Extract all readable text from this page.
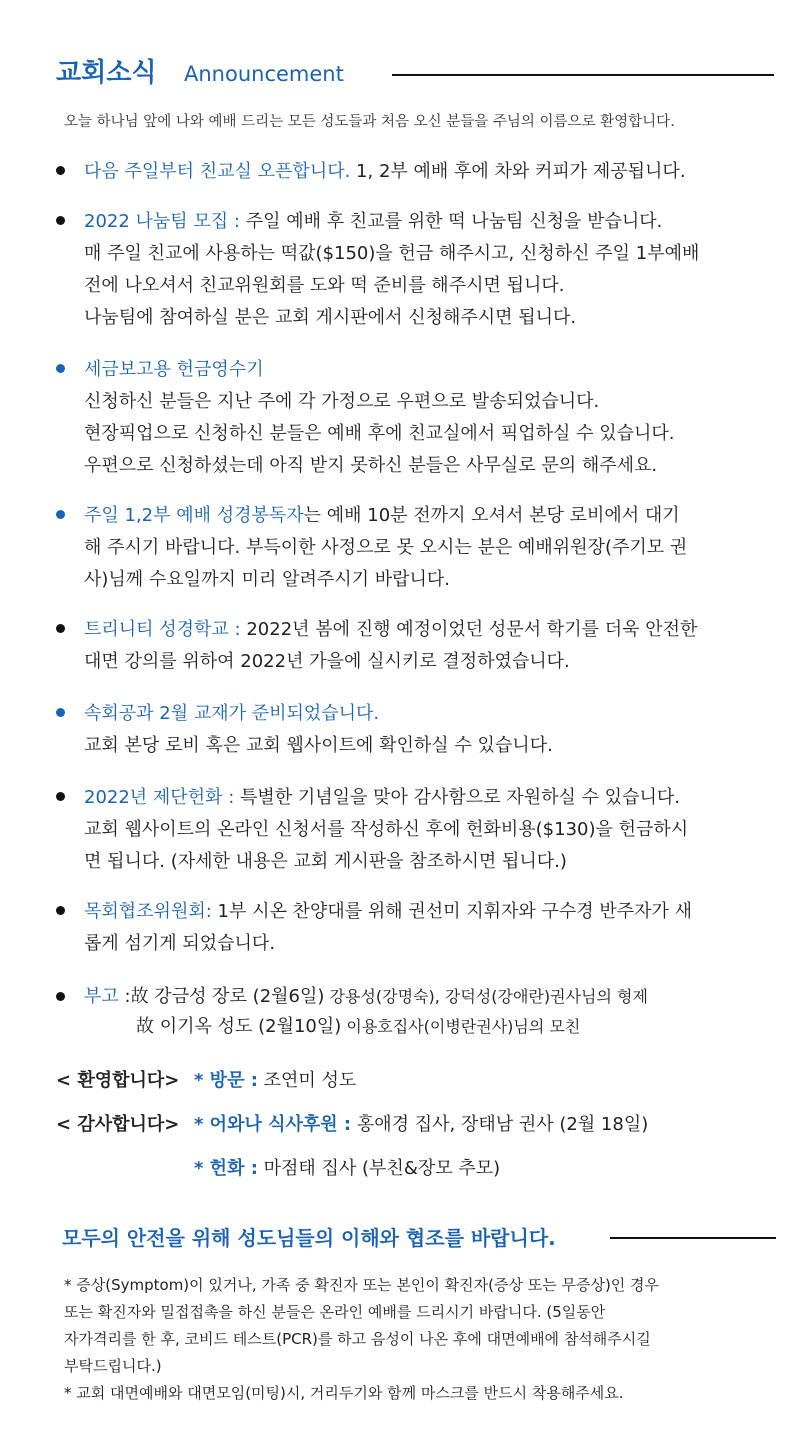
교회소식 Announcement
오늘 하나님 앞에 나와 예배 드리는 모든 성도들과 처음 오신 분들을 주님의 이름으로 환영합니다.
다음 주일부터 친교실 오픈합니다. 1, 2부 예배 후에 차와 커피가 제공됩니다.
2022 나눔팀 모집 : 주일 예배 후 친교를 위한 떡 나눔팀 신청을 받습니다.
매 주일 친교에 사용하는 떡값($150)을 헌금 해주시고, 신청하신 주일 1부예배
전에 나오셔서 친교위원회를 도와 떡 준비를 해주시면 됩니다.
나눔팀에 참여하실 분은 교회 게시판에서 신청해주시면 됩니다.
세금보고용 헌금영수기
신청하신 분들은 지난 주에 각 가정으로 우편으로 발송되었습니다.
현장픽업으로 신청하신 분들은 예배 후에 친교실에서 픽업하실 수 있습니다.
우편으로 신청하셨는데 아직 받지 못하신 분들은 사무실로 문의 해주세요.
주일 1,2부 예배 성경봉독자는 예배 10분 전까지 오셔서 본당 로비에서 대기
해 주시기 바랍니다. 부득이한 사정으로 못 오시는 분은 예배위원장(주기모 권
사)님께 수요일까지 미리 알려주시기 바랍니다.
트리니티 성경학교 : 2022년 봄에 진행 예정이었던 성문서 학기를 더욱 안전한
대면 강의를 위하여 2022년 가을에 실시키로 결정하였습니다.
속회공과 2월 교재가 준비되었습니다.
교회 본당 로비 혹은 교회 웹사이트에 확인하실 수 있습니다.
2022년 제단헌화 : 특별한 기념일을 맞아 감사함으로 자원하실 수 있습니다.
교회 웹사이트의 온라인 신청서를 작성하신 후에 헌화비용($130)을 헌금하시
면 됩니다. (자세한 내용은 교회 게시판을 참조하시면 됩니다.)
목회협조위원회: 1부 시온 찬양대를 위해 권선미 지휘자와 구수경 반주자가 새
롭게 섬기게 되었습니다.
부고 :故 강금성 장로 (2월6일) 강용성(강명숙), 강덕성(강애란)권사님의 형제
故 이기옥 성도 (2월10일) 이용호집사(이병란권사)님의 모친
< 환영합니다> * 방문 : 조연미 성도
< 감사합니다> * 어와나 식사후원 : 홍애경 집사, 장태남 권사 (2월 18일)
* 헌화 : 마점태 집사 (부친&장모 추모)
모두의 안전을 위해 성도님들의 이해와 협조를 바랍니다.
* 증상(Symptom)이 있거나, 가족 중 확진자 또는 본인이 확진자(증상 또는 무증상)인 경우
또는 확진자와 밀접접촉을 하신 분들은 온라인 예배를 드리시기 바랍니다. (5일동안
자가격리를 한 후, 코비드 테스트(PCR)를 하고 음성이 나온 후에 대면예배에 참석해주시길
부탁드립니다.)
* 교회 대면예배와 대면모임(미팅)시, 거리두기와 함께 마스크를 반드시 착용해주세요.
